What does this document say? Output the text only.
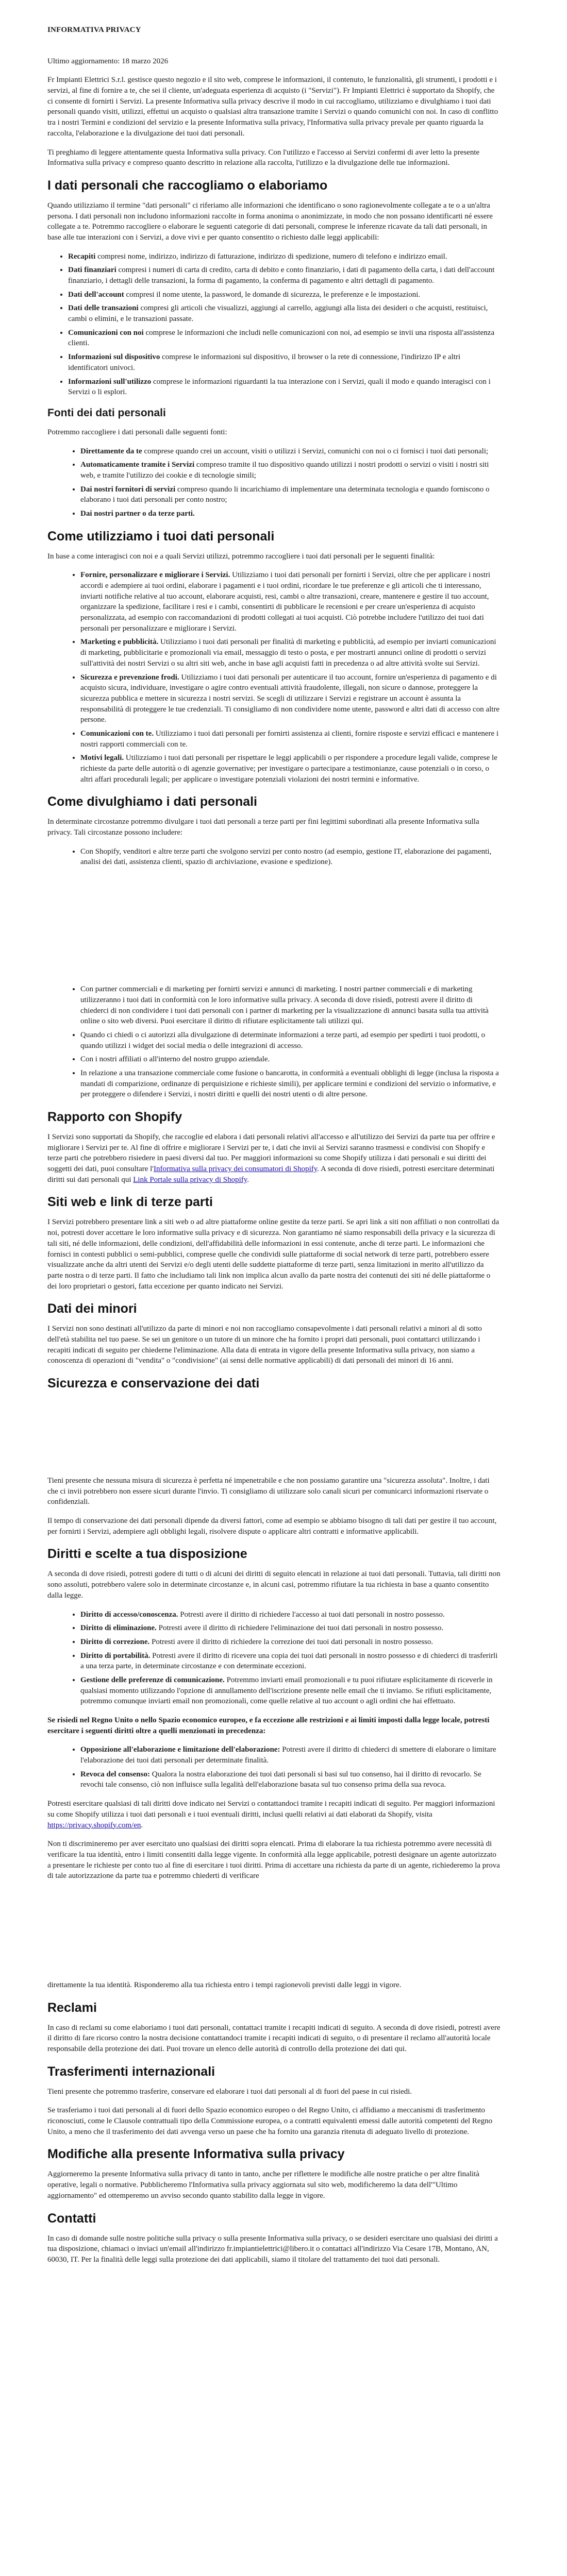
INFORMATIVA PRIVACY

Ultimo aggiornamento: 18 marzo 2026

Fr Impianti Elettrici S.r.l. gestisce questo negozio e il sito web, comprese le informazioni, il contenuto, le funzionalità, gli strumenti, i prodotti e i servizi, al fine di fornire a te, che sei il cliente, un'adeguata esperienza di acquisto (i "Servizi"). Fr Impianti Elettrici è supportato da Shopify, che ci consente di fornirti i Servizi. La presente Informativa sulla privacy descrive il modo in cui raccogliamo, utilizziamo e divulghiamo i tuoi dati personali quando visiti, utilizzi, effettui un acquisto o qualsiasi altra transazione tramite i Servizi o quando comunichi con noi. In caso di conflitto tra i nostri Termini e condizioni del servizio e la presente Informativa sulla privacy, l'Informativa sulla privacy prevale per quanto riguarda la raccolta, l'elaborazione e la divulgazione dei tuoi dati personali.

Ti preghiamo di leggere attentamente questa Informativa sulla privacy. Con l'utilizzo e l'accesso ai Servizi confermi di aver letto la presente Informativa sulla privacy e compreso quanto descritto in relazione alla raccolta, l'utilizzo e la divulgazione delle tue informazioni.

I dati personali che raccogliamo o elaboriamo

Quando utilizziamo il termine "dati personali" ci riferiamo alle informazioni che identificano o sono ragionevolmente collegate a te o a un'altra persona. I dati personali non includono informazioni raccolte in forma anonima o anonimizzate, in modo che non possano identificarti né essere collegate a te. Potremmo raccogliere o elaborare le seguenti categorie di dati personali, comprese le inferenze ricavate da tali dati personali, in base alle tue interazioni con i Servizi, a dove vivi e per quanto consentito o richiesto dalle leggi applicabili:

• Recapiti compresi nome, indirizzo, indirizzo di fatturazione, indirizzo di spedizione, numero di telefono e indirizzo email.
• Dati finanziari compresi i numeri di carta di credito, carta di debito e conto finanziario, i dati di pagamento della carta, i dati dell'account finanziario, i dettagli delle transazioni, la forma di pagamento, la conferma di pagamento e altri dettagli di pagamento.
• Dati dell'account compresi il nome utente, la password, le domande di sicurezza, le preferenze e le impostazioni.
• Dati delle transazioni compresi gli articoli che visualizzi, aggiungi al carrello, aggiungi alla lista dei desideri o che acquisti, restituisci, cambi o elimini, e le transazioni passate.
• Comunicazioni con noi comprese le informazioni che includi nelle comunicazioni con noi, ad esempio se invii una risposta all'assistenza clienti.
• Informazioni sul dispositivo comprese le informazioni sul dispositivo, il browser o la rete di connessione, l'indirizzo IP e altri identificatori univoci.
• Informazioni sull'utilizzo comprese le informazioni riguardanti la tua interazione con i Servizi, quali il modo e quando interagisci con i Servizi o li esplori.
Fonti dei dati personali

Potremmo raccogliere i dati personali dalle seguenti fonti:

• Direttamente da te comprese quando crei un account, visiti o utilizzi i Servizi, comunichi con noi o ci fornisci i tuoi dati personali;
• Automaticamente tramite i Servizi compreso tramite il tuo dispositivo quando utilizzi i nostri prodotti o servizi o visiti i nostri siti web, e tramite l'utilizzo dei cookie e di tecnologie simili;
• Dai nostri fornitori di servizi compreso quando li incarichiamo di implementare una determinata tecnologia e quando forniscono o elaborano i tuoi dati personali per conto nostro;
• Dai nostri partner o da terze parti.
Come utilizziamo i tuoi dati personali

In base a come interagisci con noi e a quali Servizi utilizzi, potremmo raccogliere i tuoi dati personali per le seguenti finalità:

• Fornire, personalizzare e migliorare i Servizi. Utilizziamo i tuoi dati personali per fornirti i Servizi, oltre che per applicare i nostri accordi e adempiere ai tuoi ordini, elaborare i pagamenti e i tuoi ordini, ricordare le tue preferenze e gli articoli che ti interessano, inviarti notifiche relative al tuo account, elaborare acquisti, resi, cambi o altre transazioni, creare, mantenere e gestire il tuo account, organizzare la spedizione, facilitare i resi e i cambi, consentirti di pubblicare le recensioni e per creare un'esperienza di acquisto personalizzata, ad esempio con raccomandazioni di prodotti collegati ai tuoi acquisti. Ciò potrebbe includere l'utilizzo dei tuoi dati personali per personalizzare e migliorare i Servizi.
• Marketing e pubblicità. Utilizziamo i tuoi dati personali per finalità di marketing e pubblicità, ad esempio per inviarti comunicazioni di marketing, pubblicitarie e promozionali via email, messaggio di testo o posta, e per mostrarti annunci online di prodotti o servizi sull'attività dei nostri Servizi o su altri siti web, anche in base agli acquisti fatti in precedenza o ad altre attività svolte sui Servizi.
• Sicurezza e prevenzione frodi. Utilizziamo i tuoi dati personali per autenticare il tuo account, fornire un'esperienza di pagamento e di acquisto sicura, individuare, investigare o agire contro eventuali attività fraudolente, illegali, non sicure o dannose, proteggere la sicurezza pubblica e mettere in sicurezza i nostri servizi. Se scegli di utilizzare i Servizi e registrare un account è assunta la responsabilità di proteggere le tue credenziali. Ti consigliamo di non condividere nome utente, password e altri dati di accesso con altre persone.
• Comunicazioni con te. Utilizziamo i tuoi dati personali per fornirti assistenza ai clienti, fornire risposte e servizi efficaci e mantenere i nostri rapporti commerciali con te.
• Motivi legali. Utilizziamo i tuoi dati personali per rispettare le leggi applicabili o per rispondere a procedure legali valide, comprese le richieste da parte delle autorità o di agenzie governative; per investigare o partecipare a testimonianze, cause potenziali o in corso, o altri affari procedurali legali; per applicare o investigare potenziali violazioni dei nostri termini e informative.
Come divulghiamo i dati personali

In determinate circostanze potremmo divulgare i tuoi dati personali a terze parti per fini legittimi subordinati alla presente Informativa sulla privacy. Tali circostanze possono includere:

• Con Shopify, venditori e altre terze parti che svolgono servizi per conto nostro (ad esempio, gestione IT, elaborazione dei pagamenti, analisi dei dati, assistenza clienti, spazio di archiviazione, evasione e spedizione).
• Con partner commerciali e di marketing per fornirti servizi e annunci di marketing. I nostri partner commerciali e di marketing utilizzeranno i tuoi dati in conformità con le loro informative sulla privacy. A seconda di dove risiedi, potresti avere il diritto di chiederci di non condividere i tuoi dati personali con i partner di marketing per la visualizzazione di annunci basata sulla tua attività online o sito web diversi. Puoi esercitare il diritto di rifiutare esplicitamente tali utilizzi qui.
• Quando ci chiedi o ci autorizzi alla divulgazione di determinate informazioni a terze parti, ad esempio per spedirti i tuoi prodotti, o quando utilizzi i widget dei social media o delle integrazioni di accesso.
• Con i nostri affiliati o all'interno del nostro gruppo aziendale.
• In relazione a una transazione commerciale come fusione o bancarotta, in conformità a eventuali obblighi di legge (inclusa la risposta a mandati di comparizione, ordinanze di perquisizione e richieste simili), per applicare termini e condizioni del servizio o informative, e per proteggere o difendere i Servizi, i nostri diritti e quelli dei nostri utenti o di altre persone.
Rapporto con Shopify

I Servizi sono supportati da Shopify, che raccoglie ed elabora i dati personali relativi all'accesso e all'utilizzo dei Servizi da parte tua per offrire e migliorare i Servizi per te. Al fine di offrire e migliorare i Servizi per te, i dati che invii ai Servizi saranno trasmessi e condivisi con Shopify e terze parti che potrebbero risiedere in paesi diversi dal tuo. Per maggiori informazioni su come Shopify utilizza i dati personali e sui diritti dei soggetti dei dati, puoi consultare l'Informativa sulla privacy dei consumatori di Shopify. A seconda di dove risiedi, potresti esercitare determinati diritti sui dati personali qui Link Portale sulla privacy di Shopify.

Siti web e link di terze parti

I Servizi potrebbero presentare link a siti web o ad altre piattaforme online gestite da terze parti. Se apri link a siti non affiliati o non controllati da noi, potresti dover accettare le loro informative sulla privacy e di sicurezza. Non garantiamo né siamo responsabili della privacy e la sicurezza di tali siti, né delle informazioni, delle condizioni, dell'affidabilità delle informazioni in essi contenute, anche di terze parti. Le informazioni che fornisci in contesti pubblici o semi-pubblici, comprese quelle che condividi sulle piattaforme di social network di terze parti, potrebbero essere visualizzate anche da altri utenti dei Servizi e/o degli utenti delle suddette piattaforme di terze parti, senza limitazioni in merito all'utilizzo da parte nostra o di terze parti. Il fatto che includiamo tali link non implica alcun avallo da parte nostra dei contenuti dei siti né delle piattaforme o dei loro proprietari o gestori, fatta eccezione per quanto indicato nei Servizi.

Dati dei minori

I Servizi non sono destinati all'utilizzo da parte di minori e noi non raccogliamo consapevolmente i dati personali relativi a minori al di sotto dell'età stabilita nel tuo paese. Se sei un genitore o un tutore di un minore che ha fornito i propri dati personali, puoi contattarci utilizzando i recapiti indicati di seguito per chiederne l'eliminazione. Alla data di entrata in vigore della presente Informativa sulla privacy, non siamo a conoscenza di operazioni di "vendita" o "condivisione" (ai sensi delle normative applicabili) di dati personali dei minori di 16 anni.

Sicurezza e conservazione dei dati

Tieni presente che nessuna misura di sicurezza è perfetta né impenetrabile e che non possiamo garantire una "sicurezza assoluta". Inoltre, i dati che ci invii potrebbero non essere sicuri durante l'invio. Ti consigliamo di utilizzare solo canali sicuri per comunicarci informazioni riservate o confidenziali.

Il tempo di conservazione dei dati personali dipende da diversi fattori, come ad esempio se abbiamo bisogno di tali dati per gestire il tuo account, per fornirti i Servizi, adempiere agli obblighi legali, risolvere dispute o applicare altri contratti e informative applicabili.

Diritti e scelte a tua disposizione

A seconda di dove risiedi, potresti godere di tutti o di alcuni dei diritti di seguito elencati in relazione ai tuoi dati personali. Tuttavia, tali diritti non sono assoluti, potrebbero valere solo in determinate circostanze e, in alcuni casi, potremmo rifiutare la tua richiesta in base a quanto consentito dalla legge.

• Diritto di accesso/conoscenza. Potresti avere il diritto di richiedere l'accesso ai tuoi dati personali in nostro possesso.
• Diritto di eliminazione. Potresti avere il diritto di richiedere l'eliminazione dei tuoi dati personali in nostro possesso.
• Diritto di correzione. Potresti avere il diritto di richiedere la correzione dei tuoi dati personali in nostro possesso.
• Diritto di portabilità. Potresti avere il diritto di ricevere una copia dei tuoi dati personali in nostro possesso e di chiederci di trasferirli a una terza parte, in determinate circostanze e con determinate eccezioni.
• Gestione delle preferenze di comunicazione. Potremmo inviarti email promozionali e tu puoi rifiutare esplicitamente di riceverle in qualsiasi momento utilizzando l'opzione di annullamento dell'iscrizione presente nelle email che ti inviamo. Se rifiuti esplicitamente, potremmo comunque inviarti email non promozionali, come quelle relative al tuo account o agli ordini che hai effettuato.

Se risiedi nel Regno Unito o nello Spazio economico europeo, e fa eccezione alle restrizioni e ai limiti imposti dalla legge locale, potresti esercitare i seguenti diritti oltre a quelli menzionati in precedenza:

• Opposizione all'elaborazione e limitazione dell'elaborazione: Potresti avere il diritto di chiederci di smettere di elaborare o limitare l'elaborazione dei tuoi dati personali per determinate finalità.
• Revoca del consenso: Qualora la nostra elaborazione dei tuoi dati personali si basi sul tuo consenso, hai il diritto di revocarlo. Se revochi tale consenso, ciò non influisce sulla legalità dell'elaborazione basata sul tuo consenso prima della sua revoca.

Potresti esercitare qualsiasi di tali diritti dove indicato nei Servizi o contattandoci tramite i recapiti indicati di seguito. Per maggiori informazioni su come Shopify utilizza i tuoi dati personali e i tuoi eventuali diritti, inclusi quelli relativi ai dati elaborati da Shopify, visita https://privacy.shopify.com/en.

Non ti discrimineremo per aver esercitato uno qualsiasi dei diritti sopra elencati. Prima di elaborare la tua richiesta potremmo avere necessità di verificare la tua identità, entro i limiti consentiti dalla legge vigente. In conformità alla legge applicabile, potresti designare un agente autorizzato a presentare le richieste per conto tuo al fine di esercitare i tuoi diritti. Prima di accettare una richiesta da parte di un agente, richiederemo la prova di tale autorizzazione da parte tua e potremmo chiederti di verificare

direttamente la tua identità. Risponderemo alla tua richiesta entro i tempi ragionevoli previsti dalle leggi in vigore.

Reclami

In caso di reclami su come elaboriamo i tuoi dati personali, contattaci tramite i recapiti indicati di seguito. A seconda di dove risiedi, potresti avere il diritto di fare ricorso contro la nostra decisione contattandoci tramite i recapiti indicati di seguito, o di presentare il reclamo all'autorità locale responsabile della protezione dei dati. Puoi trovare un elenco delle autorità di controllo della protezione dei dati qui.

Trasferimenti internazionali

Tieni presente che potremmo trasferire, conservare ed elaborare i tuoi dati personali al di fuori del paese in cui risiedi.

Se trasferiamo i tuoi dati personali al di fuori dello Spazio economico europeo o del Regno Unito, ci affidiamo a meccanismi di trasferimento riconosciuti, come le Clausole contrattuali tipo della Commissione europea, o a contratti equivalenti emessi dalle autorità competenti del Regno Unito, a meno che il trasferimento dei dati avvenga verso un paese che ha fornito una garanzia ritenuta di adeguato livello di protezione.

Modifiche alla presente Informativa sulla privacy

Aggiorneremo la presente Informativa sulla privacy di tanto in tanto, anche per riflettere le modifiche alle nostre pratiche o per altre finalità operative, legali o normative. Pubblicheremo l'Informativa sulla privacy aggiornata sul sito web, modificheremo la data dell'"Ultimo aggiornamento" ed ottemperemo un avviso secondo quanto stabilito dalla legge in vigore.

Contatti

In caso di domande sulle nostre politiche sulla privacy o sulla presente Informativa sulla privacy, o se desideri esercitare uno qualsiasi dei diritti a tua disposizione, chiamaci o inviaci un'email all'indirizzo fr.impiantielettrici@libero.it o contattaci all'indirizzo Via Cesare 17B, Montano, AN, 60030, IT. Per la finalità delle leggi sulla protezione dei dati applicabili, siamo il titolare del trattamento dei tuoi dati personali.
